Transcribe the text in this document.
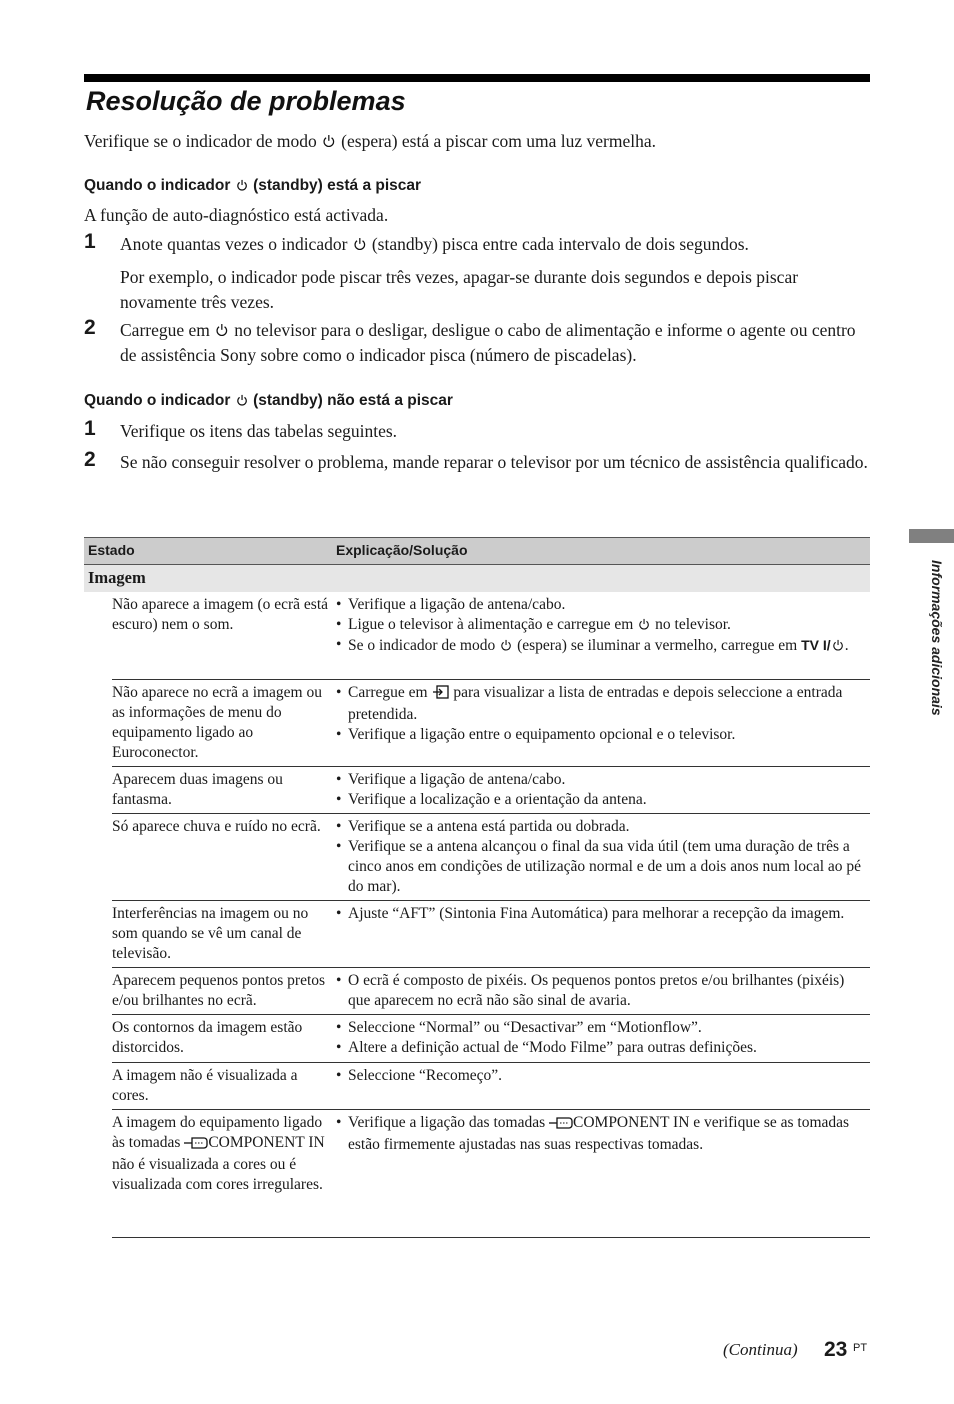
Resolução de problemas
Verifique se o indicador de modo (espera) está a piscar com uma luz vermelha.
Quando o indicador (standby) está a piscar
A função de auto-diagnóstico está activada.
1 Anote quantas vezes o indicador (standby) pisca entre cada intervalo de dois segundos.
Por exemplo, o indicador pode piscar três vezes, apagar-se durante dois segundos e depois piscar novamente três vezes.
2 Carregue em no televisor para o desligar, desligue o cabo de alimentação e informe o agente ou centro de assistência Sony sobre como o indicador pisca (número de piscadelas).
Quando o indicador (standby) não está a piscar
1 Verifique os itens das tabelas seguintes.
2 Se não conseguir resolver o problema, mande reparar o televisor por um técnico de assistência qualificado.
Estado	Explicação/Solução
Imagem
Não aparece a imagem (o ecrã está escuro) nem o som.
• Verifique a ligação de antena/cabo.
• Ligue o televisor à alimentação e carregue em no televisor.
• Se o indicador de modo (espera) se iluminar a vermelho, carregue em TV I/ .
Não aparece no ecrã a imagem ou as informações de menu do equipamento ligado ao Euroconector.
• Carregue em para visualizar a lista de entradas e depois seleccione a entrada pretendida.
• Verifique a ligação entre o equipamento opcional e o televisor.
Aparecem duas imagens ou fantasma.
• Verifique a ligação de antena/cabo.
• Verifique a localização e a orientação da antena.
Só aparece chuva e ruído no ecrã.
•	Verifique se a antena está partida ou dobrada.
• Verifique se a antena alcançou o final da sua vida útil (tem uma duração de três a cinco anos em condições de utilização normal e de um a dois anos num local ao pé do mar).
Interferências na imagem ou no som quando se vê um canal de televisão.
• Ajuste “AFT” (Sintonia Fina Automática) para melhorar a recepção da imagem.
Aparecem pequenos pontos pretos e/ou brilhantes no ecrã.
• O ecrã é composto de pixéis. Os pequenos pontos pretos e/ou brilhantes (pixéis) que aparecem no ecrã não são sinal de avaria.
Os contornos da imagem estão distorcidos.
• Seleccione “Normal” ou “Desactivar” em “Motionflow”.
• Altere a definição actual de “Modo Filme” para outras definições.
A imagem não é visualizada a cores.
• Seleccione “Recomeço”.
A imagem do equipamento ligado às tomadas COMPONENT IN não é visualizada a cores ou é visualizada com cores irregulares.
• Verifique a ligação das tomadas COMPONENT IN e verifique se as tomadas estão firmemente ajustadas nas suas respectivas tomadas.
Informações adicionais
(Continua) 23 PT
